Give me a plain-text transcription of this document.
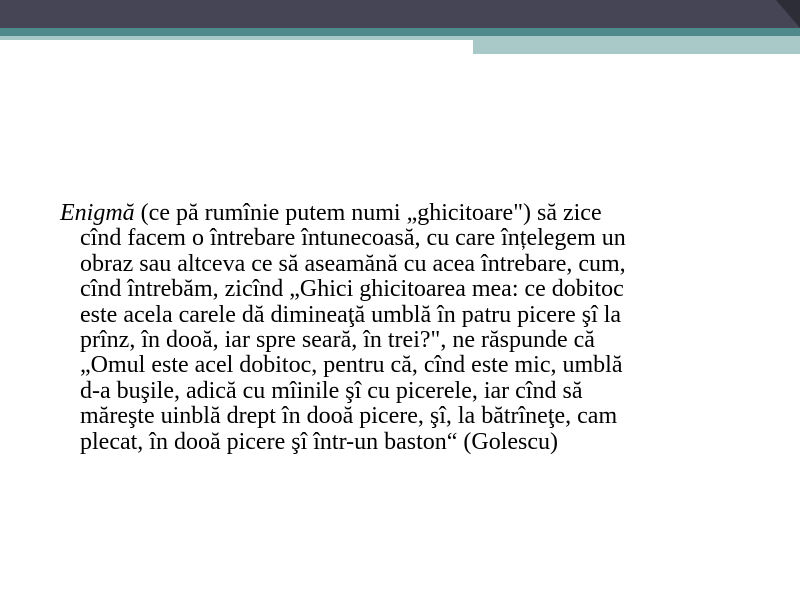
Enigmă (ce pă rumînie putem numi „ghicitoare") să zice
cînd facem o întrebare întunecoasă, cu care înțelegem un
obraz sau altceva ce să aseamănă cu acea întrebare, cum,
cînd întrebăm, zicînd „Ghici ghicitoarea mea: ce dobitoc
este acela carele dă dimineaţă umblă în patru picere şî la
prînz, în dooă, iar spre seară, în trei?", ne răspunde că
„Omul este acel dobitoc, pentru că, cînd este mic, umblă
d-a buşile, adică cu mîinile şî cu picerele, iar cînd să
măreşte uinblă drept în dooă picere, şî, la bătrîneţe, cam
plecat, în dooă picere şî într-un baston“ (Golescu)
